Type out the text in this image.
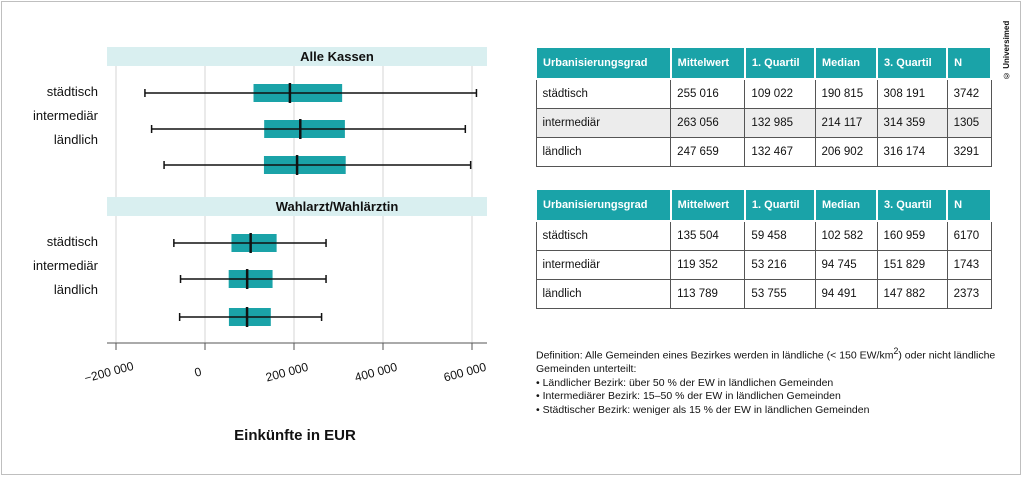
Alle Kassen
städtisch
intermediär
ländlich
Wahlarzt/Wahlärztin
städtisch
intermediär
ländlich
−200 000	0	200 000	400 000	600 000
Einkünfte in EUR
© Universimed
Urbanisierungsgrad	Mittelwert	1. Quartil	Median	3. Quartil	N
städtisch	255 016	109 022	190 815	308 191	3742
intermediär	263 056	132 985	214 117	314 359	1305
ländlich	247 659	132 467	206 902	316 174	3291
Urbanisierungsgrad	Mittelwert	1. Quartil	Median	3. Quartil	N
städtisch	135 504	59 458	102 582	160 959	6170
intermediär	119 352	53 216	94 745	151 829	1743
ländlich	113 789	53 755	94 491	147 882	2373

Definition: Alle Gemeinden eines Bezirkes werden in ländliche (< 150 $EW/km^2$) oder nicht ländliche Gemeinden unterteilt:

• Ländlicher Bezirk: über 50 % der EW in ländlichen Gemeinden

• Intermediärer Bezirk: 15–50 % der EW in ländlichen Gemeinden

• Städtischer Bezirk: weniger als 15 % der EW in ländlichen Gemeinden
